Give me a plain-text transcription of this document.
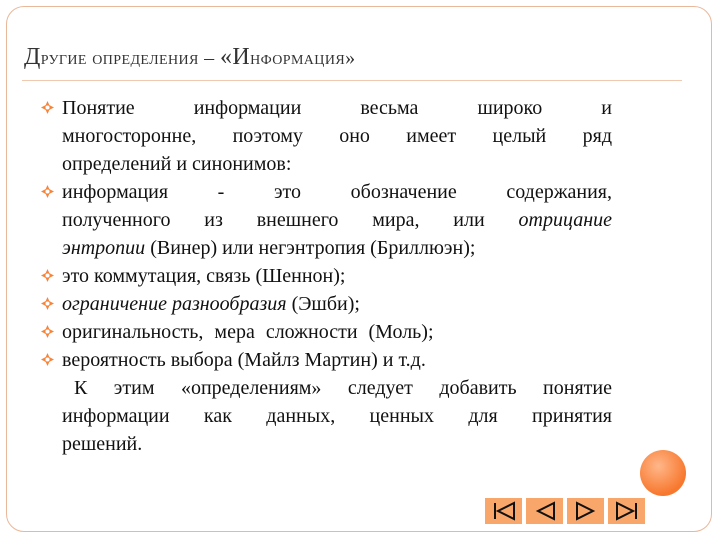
Другие определения – «Информация»
Понятие информации весьма широко и
многосторонне, поэтому оно имеет целый ряд
определений и синонимов:
информация - это обозначение содержания,
полученного из внешнего мира, или отрицание
энтропии (Винер) или негэнтропия (Бриллюэн);
это коммутация, связь (Шеннон);
ограничение разнообразия (Эшби);
оригинальность, мера сложности (Моль);
вероятность выбора (Майлз Мартин) и т.д.
К этим «определениям» следует добавить понятие
информации как данных, ценных для принятия
решений.
